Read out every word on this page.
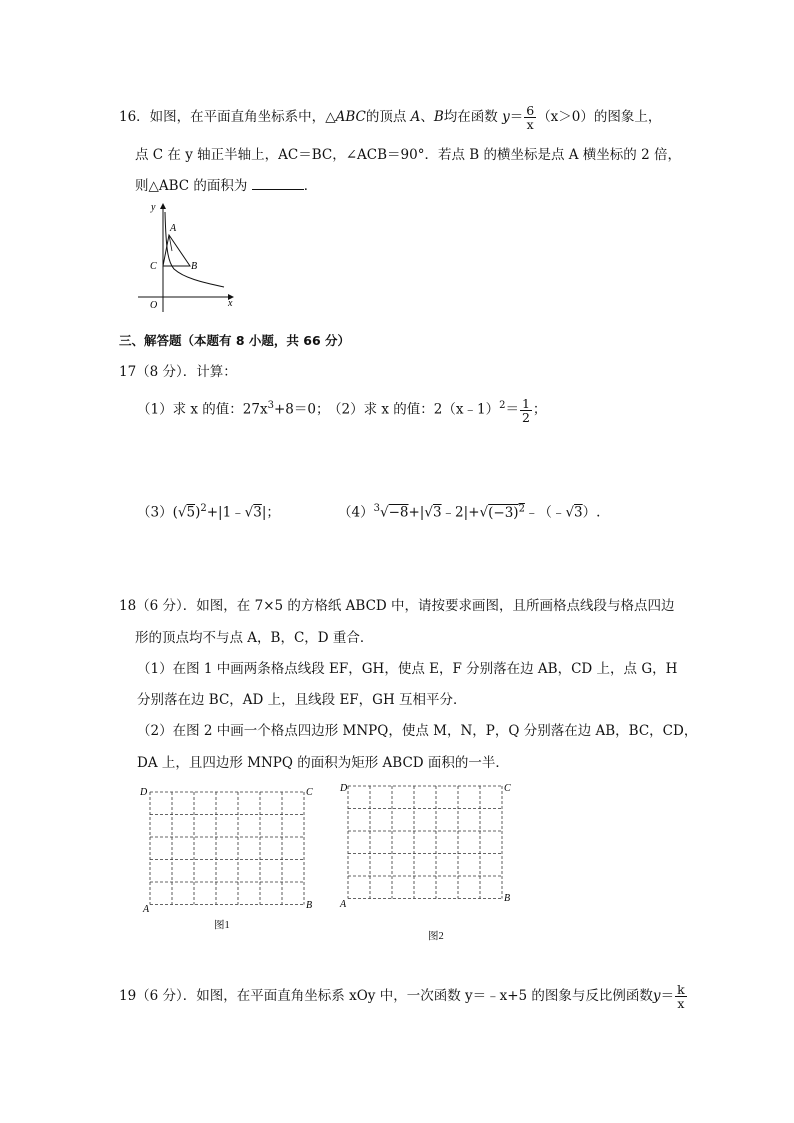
16．如图，在平面直角坐标系中，△ABC的顶点 A、B均在函数 $y= \frac{6}{x} (x>0)$的图象上，
点 C 在 y 轴正半轴上，AC＝BC，∠ACB＝90°．若点 B 的横坐标是点 A 横坐标的 2 倍，
则△ABC 的面积为	．
y
A
C	B
O	x
三、解答题（本题有 8 小题，共 66 分）
17（8 分）．计算：
（1）求 x 的值：$27x^3+8=0$；
（2）求 x 的值：2（x﹣1）$^2$＝ $\frac{1}{2}$ ；
$(3)(√5)^2+|1﹣√3|$；	$(4)^3√-8+|√3﹣2|+√(-3)^2﹣(﹣√3)$.
18（6 分）．如图，在 7×5 的方格纸 ABCD 中，请按要求画图，且所画格点线段与格点四边
形的顶点均不与点 A，B，C，D 重合．
（1）在图 1 中画两条格点线段 EF，GH，使点 E，F 分别落在边 AB，CD 上，点 G，H
分别落在边 BC，AD 上，且线段 EF，GH 互相平分．
（2）在图 2 中画一个格点四边形 MNPQ，使点 M，N，P，Q 分别落在边 AB，BC，CD，
DA 上，且四边形 MNPQ 的面积为矩形 ABCD 面积的一半．
D	C
A	B
图1
D	C
A
B
图2
19（6 分）．如图，在平面直角坐标系 xOy 中，一次函数 y＝﹣x+5 的图象与反比例函数$y= \frac{k}{x}$
